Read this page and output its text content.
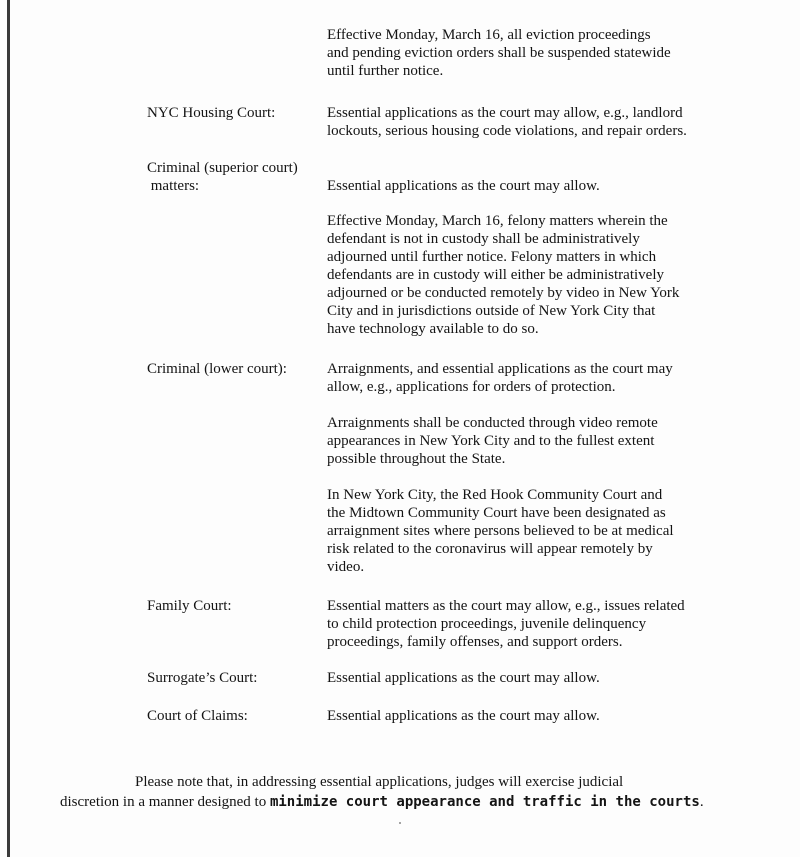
Effective Monday, March 16, all eviction proceedings
and pending eviction orders shall be suspended statewide
until further notice.
NYC Housing Court:	Essential applications as the court may allow, e.g., landlord
lockouts, serious housing code violations, and repair orders.
Criminal (superior court)
matters:	Essential applications as the court may allow.
Effective Monday, March 16, felony matters wherein the
defendant is not in custody shall be administratively
adjourned until further notice. Felony matters in which
defendants are in custody will either be administratively
adjourned or be conducted remotely by video in New York
City and in jurisdictions outside of New York City that
have technology available to do so.
Criminal (lower court):	Arraignments, and essential applications as the court may
allow, e.g., applications for orders of protection.
Arraignments shall be conducted through video remote
appearances in New York City and to the fullest extent
possible throughout the State.
In New York City, the Red Hook Community Court and
the Midtown Community Court have been designated as
arraignment sites where persons believed to be at medical
risk related to the coronavirus will appear remotely by
video.
Family Court:	Essential matters as the court may allow, e.g., issues related
to child protection proceedings, juvenile delinquency
proceedings, family offenses, and support orders.
Surrogate’s Court:	Essential applications as the court may allow.
Court of Claims:	Essential applications as the court may allow.
Please note that, in addressing essential applications, judges will exercise judicial
discretion in a manner designed to minimize court appearance and traffic in the courts.
